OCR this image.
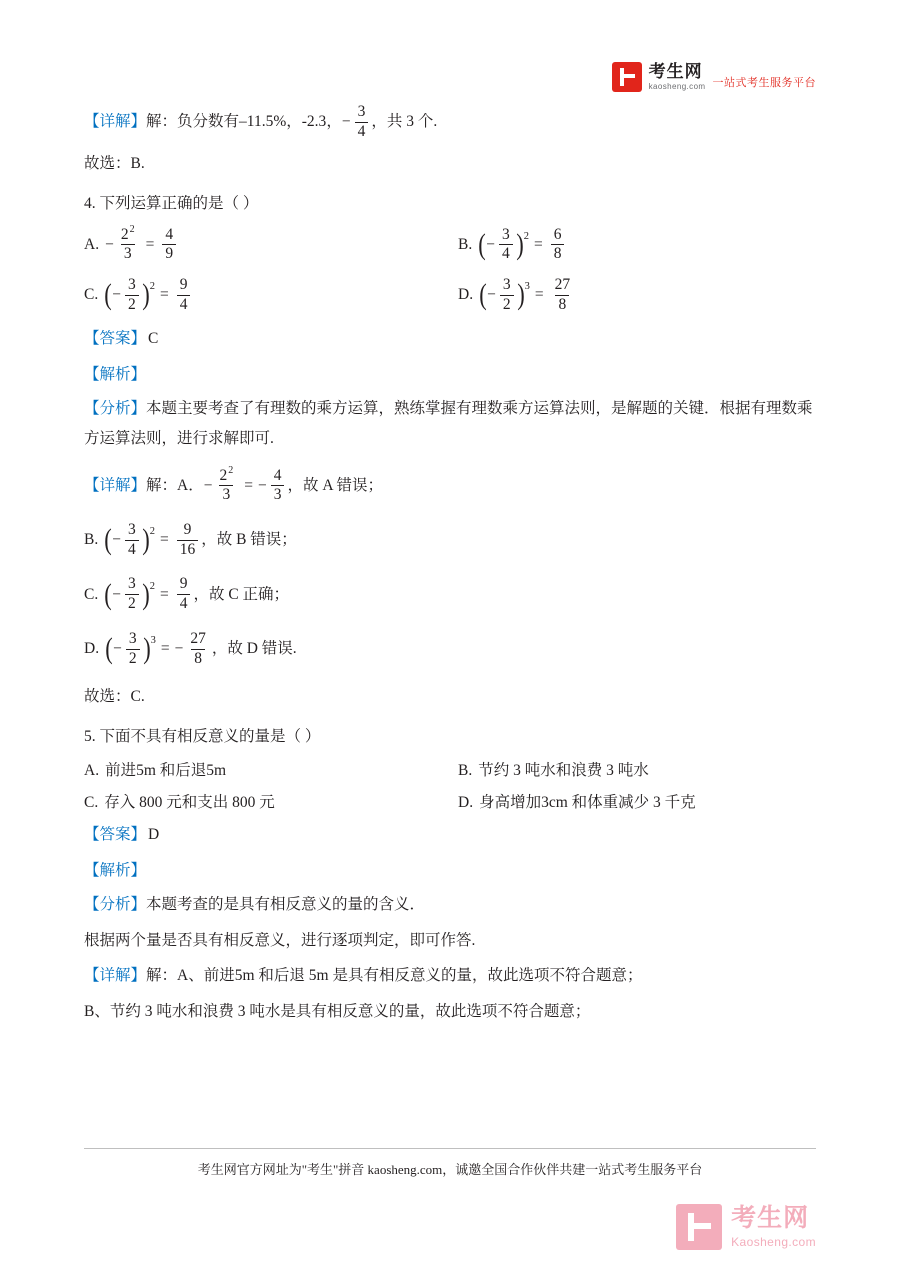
考生网
kaosheng.com 一站式考生服务平台
【详解】 解：负分数有 –11.5% ， -2.3 ， − $\frac{3}{4}$ ，共 3 个.
故选：B.
4. 下列运算正确的是（ ）
A. − $\frac{2^2}{3} = \frac{4}{9}$	B. ( − $\frac{3}{4}$ ) $2 = \frac{6}{8}$
C. ( − $\frac{3}{2}$ ) $2 = \frac{9}{4}$	D. ( − $\frac{3}{2}$ ) $3 = \frac{27}{8}$
【答案】 C
【解析】
【分析】 本题主要考查了有理数的乘方运算，熟练掌握有理数乘方运算法则，是解题的关键．根据有理数乘
方运算法则，进行求解即可.
【详解】 解：A． − $\frac{2^2}{3}$ = − $\frac{4}{3}$ ，故 A 错误；
B. ( − $\frac{3}{4}$ ) $2 = \frac{9}{16}$ ，故 B 错误；
C. ( − $\frac{3}{2}$ ) $2 = \frac{9}{4}$ ，故 C 正确；
D. ( − $\frac{3}{2}$ ) 3 = − $\frac{27}{8}$ ，故 D 错误.
故选：C.
5. 下面不具有相反意义的量是（ ）
A. 前进5m 和后退5m	B. 节约 3 吨水和浪费 3 吨水
C. 存入 800 元和支出 800 元	D. 身高增加3cm 和体重减少 3 千克
【答案】 D
【解析】
【分析】 本题考查的是具有相反意义的量的含义．
根据两个量是否具有相反意义，进行逐项判定，即可作答.
【详解】 解：A、前进5m 和后退 5m 是具有相反意义的量，故此选项不符合题意；
B、节约 3 吨水和浪费 3 吨水是具有相反意义的量，故此选项不符合题意；
考生网官方网址为"考生"拼音 kaosheng.com，诚邀全国合作伙伴共建一站式考生服务平台
考生网
Kaosheng.com
